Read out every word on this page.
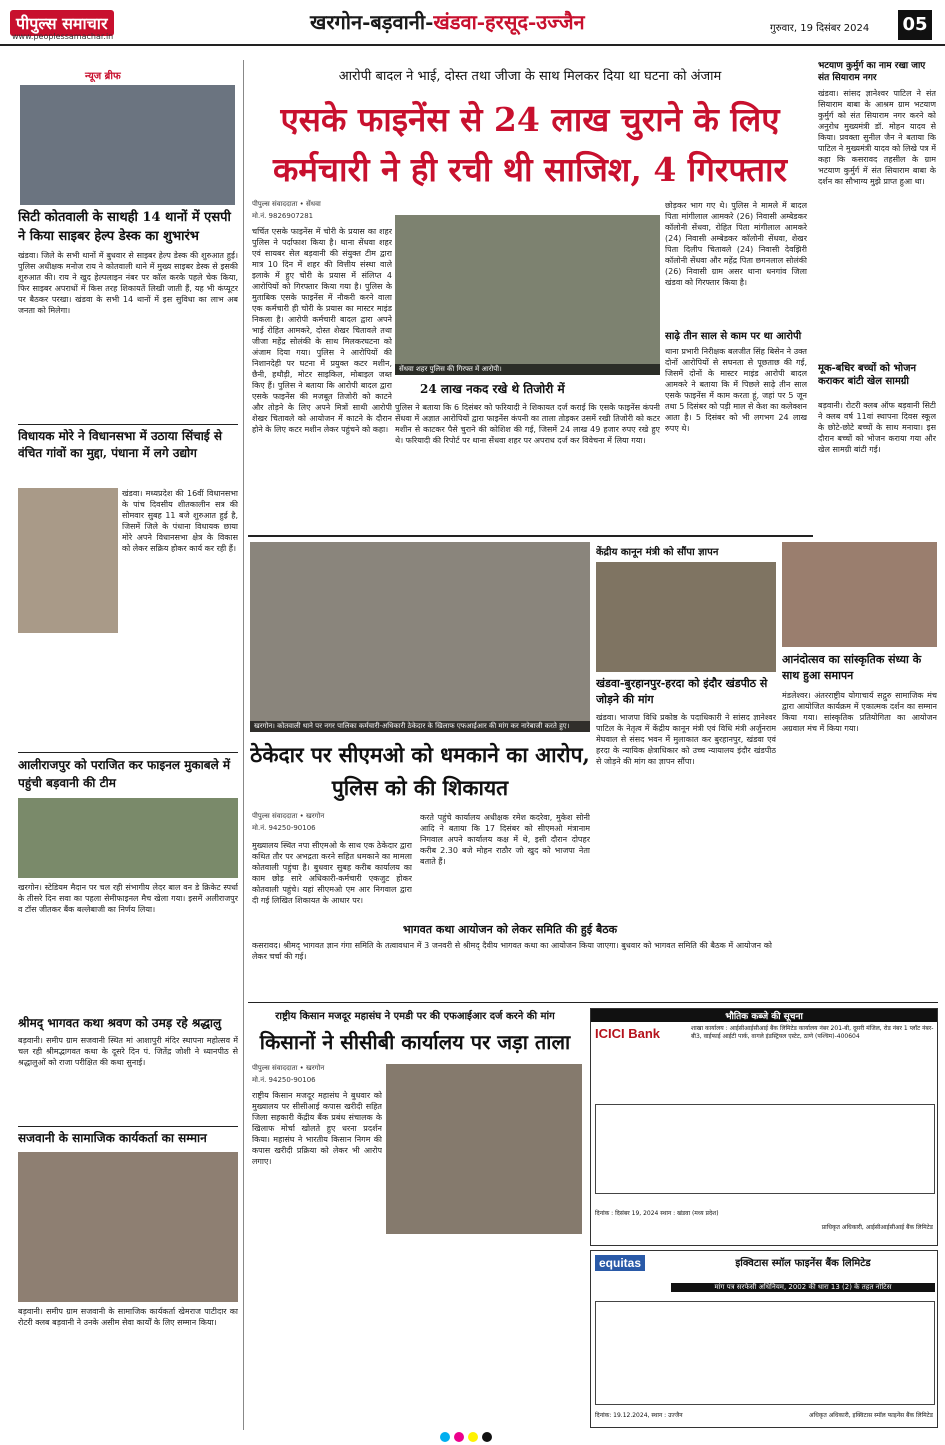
पीपुल्स समाचार
www.peoplessamachar.in
खरगोन-बड़वानी-खंडवा-हरसूद-उज्जैन	गुरुवार, 19 दिसंबर 2024 05
न्यूज ब्रीफ
सिटी कोतवाली के साथही 14 थानों में एसपी ने किया साइबर हेल्प डेस्क का शुभारंभ
खंडवा। जिले के सभी थानों में बुधवार से साइबर हेल्प डेस्क की शुरुआत हुई। पुलिस अधीक्षक मनोज राय ने कोतवाली थाने में मुख्य साइबर डेस्क से इसकी शुरुआत की। राय ने खुद हेल्पलाइन नंबर पर कॉल करके पहले चेक किया, फिर साइबर अपराधों में किस तरह शिकायतें लिखी जाती हैं, यह भी कंप्यूटर पर बैठकर परखा। खंडवा के सभी 14 थानों में इस सुविधा का लाभ अब जनता को मिलेगा।
विधायक मोरे ने विधानसभा में उठाया सिंचाई से वंचित गांवों का मुद्दा, पंधाना में लगे उद्योग
खंडवा। मध्यप्रदेश की 16वीं विधानसभा के पांच दिवसीय शीतकालीन सत्र की सोमवार सुबह 11 बजे शुरुआत हुई है, जिसमें जिले के पंधाना विधायक छाया मोरे अपने विधानसभा क्षेत्र के विकास को लेकर सक्रिय होकर कार्य कर रही हैं।
आलीराजपुर को पराजित कर फाइनल मुकाबले में पहुंची बड़वानी की टीम
खरगोन। स्टेडियम मैदान पर चल रही संभागीय लेदर बाल वन डे क्रिकेट स्पर्धा के तीसरे दिन सवा का पहला सेमीफाइनल मैच खेला गया। इसमें अलीराजपुर व टॉस जीतकर बैंक बल्लेबाजी का निर्णय लिया।
श्रीमद् भागवत कथा श्रवण को उमड़ रहे श्रद्धालु
बड़वानी। समीप ग्राम सजवानी स्थित मां आशापुरी मंदिर स्थापना महोत्सव में चल रही श्रीमद्भागवत कथा के दूसरे दिन पं. जितेंद्र जोशी ने ध्यानपीठ से श्रद्धालुओं को राजा परीक्षित की कथा सुनाई।
सजवानी के सामाजिक कार्यकर्ता का सम्मान
बड़वानी। समीप ग्राम सजवानी के सामाजिक कार्यकर्ता खेमराज पाटीदार का रोटरी क्लब बड़वानी ने उनके असीम सेवा कार्यों के लिए सम्मान किया।
आरोपी बादल ने भाई, दोस्त तथा जीजा के साथ मिलकर दिया था घटना को अंजाम
एसके फाइनेंस से 24 लाख चुराने के लिए
कर्मचारी ने ही रची थी साजिश, 4 गिरफ्तार
पीपुल्स संवाददाता • सेंधवा
मो.नं. 9826907281
चर्चित एसके फाइनेंस में चोरी के प्रयास का शहर पुलिस ने पर्दाफाश किया है। थाना सेंधवा शहर एवं सायबर सेल बड़वानी की संयुक्त टीम द्वारा मात्र 10 दिन में शहर की वित्तीय संस्था वाले इलाके में हुए चोरी के प्रयास में संलिप्त 4 आरोपियों को गिरफ्तार किया गया है। पुलिस के मुताबिक एसके फाइनेंस में नौकरी करने वाला एक कर्मचारी ही चोरी के प्रयास का मास्टर माइंड निकला है। आरोपी कर्मचारी बादल द्वारा अपने भाई रोहित आमकरे, दोस्त शेखर चितावले तथा जीजा महेंद्र सोलंकी के साथ मिलकरघटना को अंजाम दिया गया। पुलिस ने आरोपियों की निशानदेही पर घटना में प्रयुक्त कटर मशीन, छैनी, हथौड़ी, मोटर साइकिल, मोबाइल जब्त किए हैं। पुलिस ने बताया कि आरोपी बादल द्वारा एसके फाइनेंस की मजबूत तिजोरी को काटने और तोड़ने के लिए अपने मित्रों साथी आरोपी शेखर चितावले को आयोजन में काटने के दौरान होने के लिए कटर मशीन लेकर पहुंचने को कहा।
सेंधवा शहर पुलिस की गिरफ्त में आरोपी।
छोड़कर भाग गए थे। पुलिस ने मामले में बादल पिता मांगीलाल आमकरे (26) निवासी अम्बेडकर कॉलोनी सेंधवा, रोहित पिता मांगीलाल आमकरे (24) निवासी अम्बेडकर कॉलोनी सेंधवा, शेखर पिता दिलीप चितावले (24) निवासी देवझिरी कॉलोनी सेंधवा और महेंद्र पिता छगनलाल सोलंकी (26) निवासी ग्राम असर थाना धनगांव जिला खंडवा को गिरफ्तार किया है।
साढ़े तीन साल से काम पर था आरोपी
थाना प्रभारी निरीक्षक बलजीत सिंह बिसेन ने उक्त दोनों आरोपियों से सघनता से पूछताछ की गई, जिसमें दोनों के मास्टर माइंड आरोपी बादल आमकरे ने बताया कि में पिछले साढ़े तीन साल एसके फाइनेंस में काम करता हूं, जहां पर 5 जून तथा 5 दिसंबर को पड़ी माल से केश का कलेक्शन आता है। 5 दिसंबर को भी लगभग 24 लाख रुपए थे।
24 लाख नकद रखे थे तिजोरी में
पुलिस ने बताया कि 6 दिसंबर को फरियादी ने शिकायत दर्ज कराई कि एसके फाइनेंस कंपनी सेंधवा में अज्ञात आरोपियों द्वारा फाइनेंस कंपनी का ताला तोड़कर उसमें रखी तिजोरी को कटर मशीन से काटकर पैसे चुराने की कोशिश की गई, जिसमें 24 लाख 49 हजार रुपए रखे हुए थे। फरियादी की रिपोर्ट पर थाना सेंधवा शहर पर अपराध दर्ज कर विवेचना में लिया गया।
खरगोन। कोतवाली थाने पर नगर पालिका कर्मचारी-अधिकारी ठेकेदार के खिलाफ एफआईआर की मांग कर नारेबाजी करते हुए।
केंद्रीय कानून मंत्री को सौंपा ज्ञापन
खंडवा-बुरहानपुर-हरदा को इंदौर खंडपीठ से जोड़ने की मांग
खंडवा। भाजपा विधि प्रकोष्ठ के पदाधिकारी ने सांसद ज्ञानेश्वर पाटिल के नेतृत्व में केंद्रीय कानून मंत्री एवं विधि मंत्री अर्जुनराम मेघवाल से संसद भवन में मुलाकात कर बुरहानपुर, खंडवा एवं हरदा के न्यायिक क्षेत्राधिकार को उच्च न्यायालय इंदौर खंडपीठ से जोड़ने की मांग का ज्ञापन सौंपा।
ठेकेदार पर सीएमओ को धमकाने का आरोप, पुलिस को की शिकायत
पीपुल्स संवाददाता • खरगोन
मो.नं. 94250-90106
मुख्यालय स्थित नपा सीएमओ के साथ एक ठेकेदार द्वारा कथित तौर पर अभद्रता करने सहित धमकाने का मामला कोतवाली पहुंचा है। बुधवार सुबह करीब कार्यालय का काम छोड़ सारे अधिकारी-कर्मचारी एकजुट होकर कोतवाली पहुंचे। यहां सीएमओ एम आर निगवाल द्वारा दी गई लिखित शिकायत के आधार पर।
करते पहुंचे कार्यालय अधीक्षक रमेश कदरेवा, मुकेश सोनी आदि ने बताया कि 17 दिसंबर को सीएमओ मंत्रानाम निगवाल अपने कार्यालय कक्ष में थे, इसी दौरान दोपहर करीब 2.30 बजे मोहन राठौर जो खुद को भाजपा नेता बताते हैं।
भागवत कथा आयोजन को लेकर समिति की हुई बैठक
कसरावद। श्रीमद् भागवत ज्ञान गंगा समिति के तत्वावधान में 3 जनवरी से श्रीमद् दैवीय भागवत कथा का आयोजन किया जाएगा। बुधवार को भागवत समिति की बैठक में आयोजन को लेकर चर्चा की गई।
भटयाण कुर्मुर्ग का नाम रखा जाए संत सियाराम नगर
खंडवा। सांसद ज्ञानेश्वर पाटिल ने संत सियाराम बाबा के आश्रम ग्राम भटयाण कुर्मुर्ग को संत सियाराम नगर करने को अनुरोध मुख्यमंत्री डॉ. मोहन यादव से किया। प्रवक्ता सुनील जैन ने बताया कि पाटिल ने मुख्यमंत्री यादव को लिखे पत्र में कहा कि कसरावद तहसील के ग्राम भटयाण कुर्मुर्ग में संत सियाराम बाबा के दर्शन का सौभाग्य मुझे प्राप्त हुआ था।
मूक-बधिर बच्चों को भोजन कराकर बांटी खेल सामग्री
बड़वानी। रोटरी क्लब ऑफ बड़वानी सिटी ने क्लब वर्ष 11वां स्थापना दिवस स्कूल के छोटे-छोटे बच्चों के साथ मनाया। इस दौरान बच्चों को भोजन कराया गया और खेल सामग्री बांटी गई।
आनंदोत्सव का सांस्कृतिक संध्या के साथ हुआ समापन
मंडलेश्वर। अंतरराष्ट्रीय योगाचार्य सद्गुरु सामाजिक मंच द्वारा आयोजित कार्यक्रम में एकात्मक दर्शन का सम्मान किया गया। सांस्कृतिक प्रतियोगिता का आयोजन अग्रवाल मंच में किया गया।
राष्ट्रीय किसान मजदूर महासंघ ने एमडी पर की एफआईआर दर्ज करने की मांग
किसानों ने सीसीबी कार्यालय पर जड़ा ताला
पीपुल्स संवाददाता • खरगोन
मो.नं. 94250-90106
राष्ट्रीय किसान मजदूर महासंघ ने बुधवार को मुख्यालय पर सीसीआई कपास खरीदी सहित जिला सहकारी केंद्रीय बैंक प्रबंध संचालक के खिलाफ मोर्चा खोलते हुए धरना प्रदर्शन किया। महासंघ ने भारतीय किसान निगम की कपास खरीदी प्रक्रिया को लेकर भी आरोप लगाए।
भौतिक कब्जे की सूचना
ICICI Bank	शाखा कार्यालय : आईसीआईसीआई बैंक लिमिटेड कार्यालय नंबर 201-बी, दूसरी मंजिल, रोड नंबर 1 प्लॉट नंबर-बी3, वाईफाई आईटी पार्क, वागले इंडस्ट्रियल एस्टेट, ठाणे (पश्चिम)-400604
दिनांक : दिसंबर 19, 2024 स्थान : खंडवा (मध्य प्रदेश)
प्राधिकृत अधिकारी, आईसीआईसीआई बैंक लिमिटेड
equitas	इक्विटास स्मॉल फाइनेंस बैंक लिमिटेड
मांग पत्र सरफेसी अधिनियम, 2002 की धारा 13 (2) के तहत नोटिस
दिनांक: 19.12.2024, स्थान : उज्जैन	अधिकृत अधिकारी, इक्विटास स्मॉल फाइनेंस बैंक लिमिटेड
